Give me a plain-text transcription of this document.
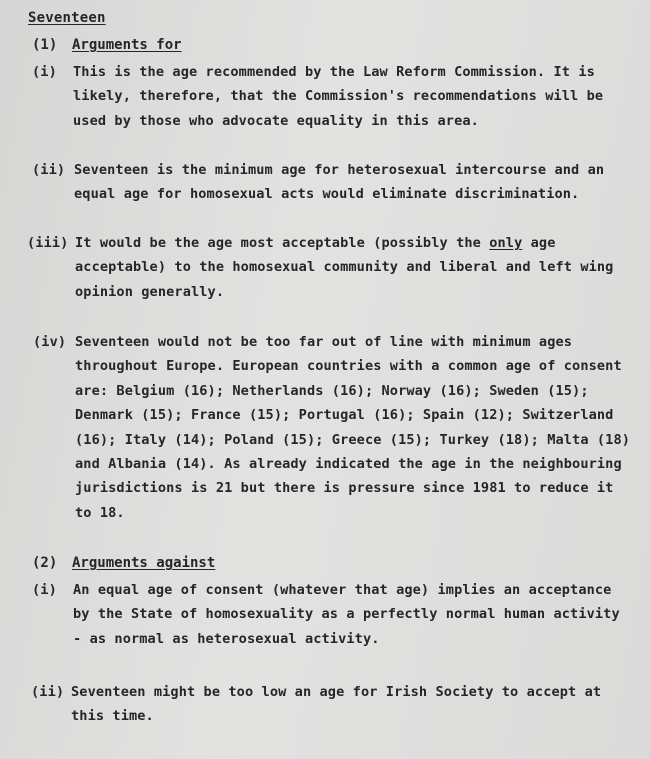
Seventeen
(1) Arguments for
(i) This is the age recommended by the Law Reform Commission. It is
likely, therefore, that the Commission's recommendations will be
used by those who advocate equality in this area.
(ii) Seventeen is the minimum age for heterosexual intercourse and an
equal age for homosexual acts would eliminate discrimination.
(iii) It would be the age most acceptable (possibly the only age
acceptable) to the homosexual community and liberal and left wing
opinion generally.
(iv) Seventeen would not be too far out of line with minimum ages
throughout Europe. European countries with a common age of consent
are: Belgium (16); Netherlands (16); Norway (16); Sweden (15);
Denmark (15); France (15); Portugal (16); Spain (12); Switzerland
(16); Italy (14); Poland (15); Greece (15); Turkey (18); Malta (18)
and Albania (14). As already indicated the age in the neighbouring
jurisdictions is 21 but there is pressure since 1981 to reduce it
to 18.
(2) Arguments against
(i) An equal age of consent (whatever that age) implies an acceptance
by the State of homosexuality as a perfectly normal human activity
- as normal as heterosexual activity.
(ii) Seventeen might be too low an age for Irish Society to accept at
this time.
